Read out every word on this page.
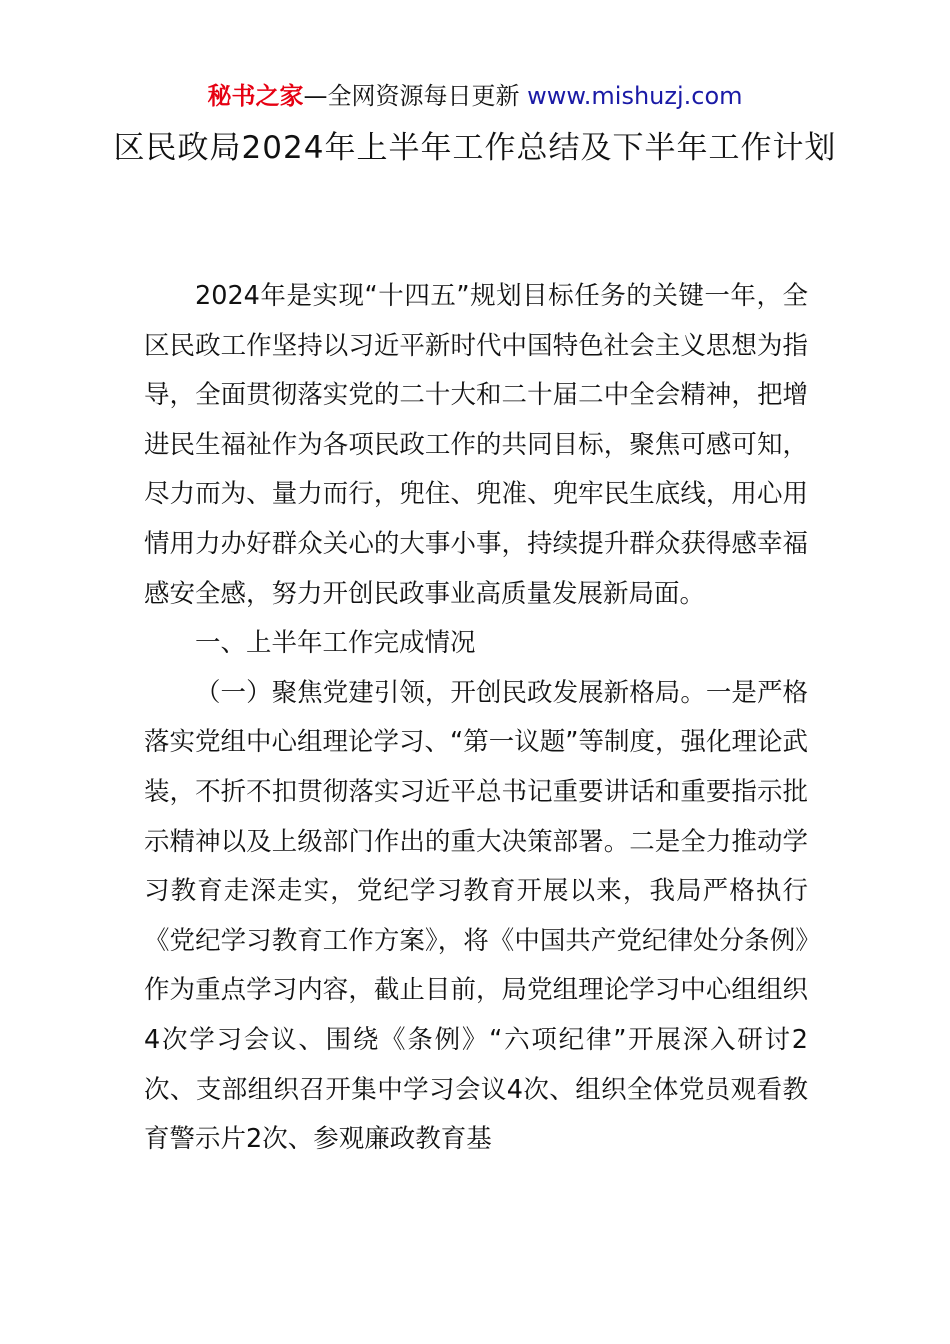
秘书之家—全网资源每日更新 www.mishuzj.com
区民政局2024年上半年工作总结及下半年工作计划

2024年是实现“十四五”规划目标任务的关键一年，全区民政工作坚持以习近平新时代中国特色社会主义思想为指导，全面贯彻落实党的二十大和二十届二中全会精神，把增进民生福祉作为各项民政工作的共同目标，聚焦可感可知，尽力而为、量力而行，兜住、兜准、兜牢民生底线，用心用情用力办好群众关心的大事小事，持续提升群众获得感幸福感安全感，努力开创民政事业高质量发展新局面。

一、上半年工作完成情况

（一）聚焦党建引领，开创民政发展新格局。一是严格落实党组中心组理论学习、“第一议题”等制度，强化理论武装，不折不扣贯彻落实习近平总书记重要讲话和重要指示批示精神以及上级部门作出的重大决策部署。二是全力推动学习教育走深走实，党纪学习教育开展以来，我局严格执行《党纪学习教育工作方案》，将《中国共产党纪律处分条例》作为重点学习内容，截止目前，局党组理论学习中心组组织4次学习会议、围绕《条例》“六项纪律”开展深入研讨2次、支部组织召开集中学习会议4次、组织全体党员观看教育警示片2次、参观廉政教育基
